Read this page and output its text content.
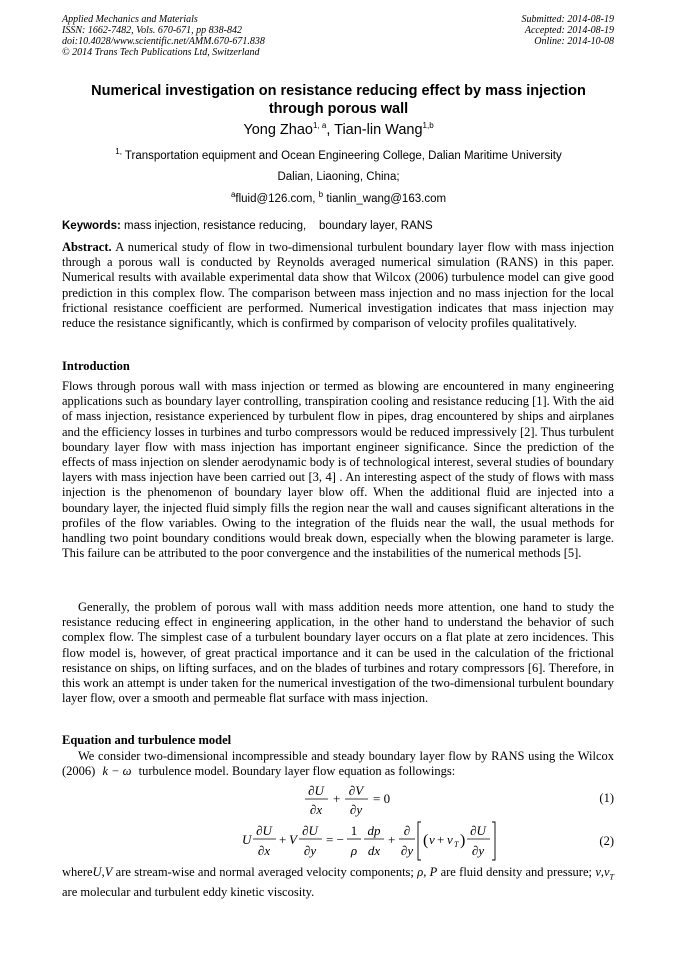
Applied Mechanics and Materials
ISSN: 1662-7482, Vols. 670-671, pp 838-842
doi:10.4028/www.scientific.net/AMM.670-671.838
© 2014 Trans Tech Publications Ltd, Switzerland
Submitted: 2014-08-19
Accepted: 2014-08-19
Online: 2014-10-08
Numerical investigation on resistance reducing effect by mass injection through porous wall
Yong Zhao$^{1, a}$, Tian-lin Wang$^{1,b}$
$^{1,}$ Transportation equipment and Ocean Engineering College, Dalian Maritime University
Dalian, Liaoning, China;
$^a$fluid@126.com, $^b$ tianlin_wang@163.com
Keywords: mass injection, resistance reducing,    boundary layer, RANS
Abstract. A numerical study of flow in two-dimensional turbulent boundary layer flow with mass injection through a porous wall is conducted by Reynolds averaged numerical simulation (RANS) in this paper. Numerical results with available experimental data show that Wilcox (2006) turbulence model can give good prediction in this complex flow. The comparison between mass injection and no mass injection for the local frictional resistance coefficient are performed. Numerical investigation indicates that mass injection may reduce the resistance significantly, which is confirmed by comparison of velocity profiles qualitatively.
Introduction
Flows through porous wall with mass injection or termed as blowing are encountered in many engineering applications such as boundary layer controlling, transpiration cooling and resistance reducing [1]. With the aid of mass injection, resistance experienced by turbulent flow in pipes, drag encountered by ships and airplanes and the efficiency losses in turbines and turbo compressors would be reduced impressively [2]. Thus turbulent boundary layer flow with mass injection has important engineer significance. Since the prediction of the effects of mass injection on slender aerodynamic body is of technological interest, several studies of boundary layers with mass injection have been carried out [3, 4] . An interesting aspect of the study of flows with mass injection is the phenomenon of boundary layer blow off. When the additional fluid are injected into a boundary layer, the injected fluid simply fills the region near the wall and causes significant alterations in the profiles of the flow variables. Owing to the integration of the fluids near the wall, the usual methods for handling two point boundary conditions would break down, especially when the blowing parameter is large. This failure can be attributed to the poor convergence and the instabilities of the numerical methods [5].
Generally, the problem of porous wall with mass addition needs more attention, one hand to study the resistance reducing effect in engineering application, in the other hand to understand the behavior of such complex flow. The simplest case of a turbulent boundary layer occurs on a flat plate at zero incidences. This flow model is, however, of great practical importance and it can be used in the calculation of the frictional resistance on ships, on lifting surfaces, and on the blades of turbines and rotary compressors [6]. Therefore, in this work an attempt is under taken for the numerical investigation of the two-dimensional turbulent boundary layer flow, over a smooth and permeable flat surface with mass injection.
Equation and turbulence model
We consider two-dimensional incompressible and steady boundary layer flow by RANS using the Wilcox (2006) k − ω turbulence model. Boundary layer flow equation as followings:
∂U
∂x
+
∂V
∂y
= 0	(1)
U
∂U
∂x
+ V
∂U
∂y
= −
1
ρ
dp
dx
+
∂
∂y
( ν + ν T )
∂U
∂y
(2)
whereU,V are stream-wise and normal averaged velocity components; ρ, P are fluid density and pressure; $\nu,\nu_T$ are molecular and turbulent eddy kinetic viscosity.
